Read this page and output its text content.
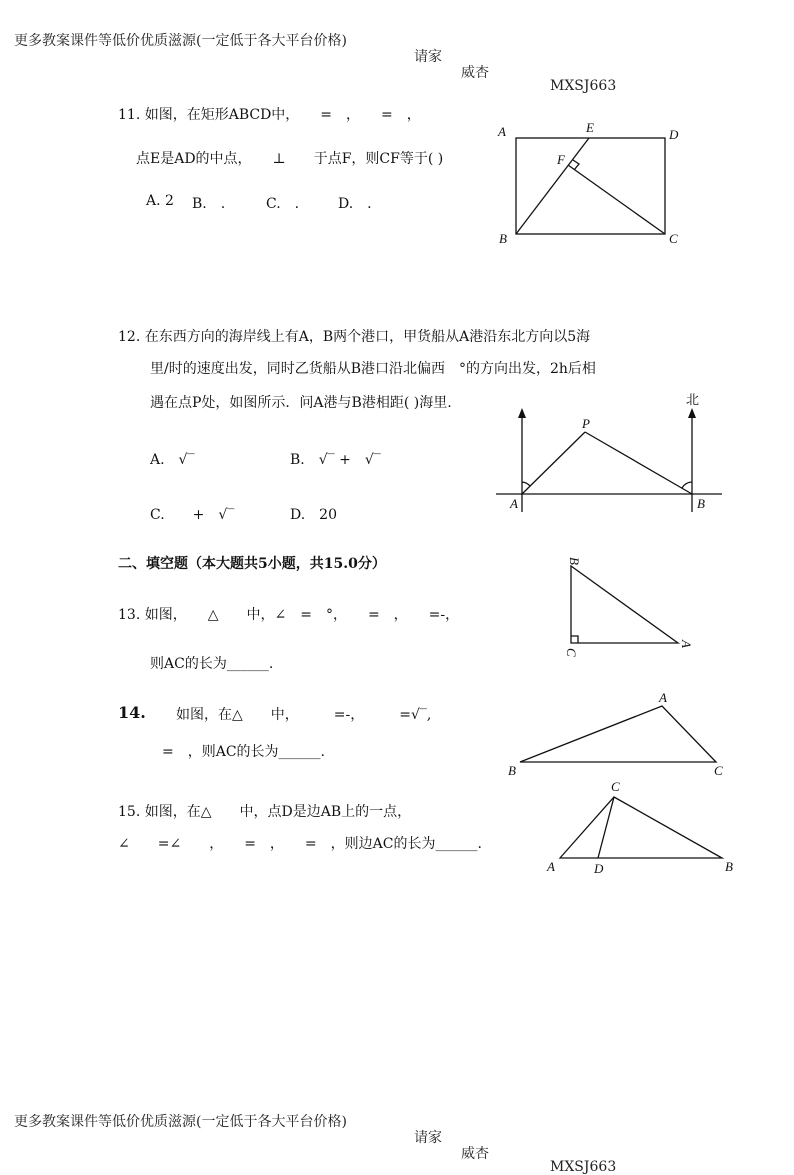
更多教案课件等低价优质滋源(一定低于各大平台价格)

请家

威杏

MXSJ663

11. 如图，在矩形ABCD中，　　=　，　　=　，
点E是AD的中点，　　⊥　　于点F，则CF等于( )
A. 2 B.　.	C.　.	D.　.
A	E	D
F
B	C
12. 在东西方向的海岸线上有A，B两个港口，甲货船从A港沿东北方向以5海
里/时的速度出发，同时乙货船从B港口沿北偏西　°的方向出发，2h后相
遇在点P处，如图所示．问A港与B港相距( )海里.
A.　√‾	B.　√‾ +　√‾
C.　　+　√‾	D.　20
北
P
A	B
二、填空题（本大题共5小题，共15.0分）
13. 如图，　　△　　中，∠　=　°，　　=　，　　=-，
则AC的长为______.
B
C
A
14. 如图，在△　　中，　　　=-，　　　=√‾,
=　，则AC的长为______.
A
B	C
15. 如图，在△　　中，点D是边AB上的一点，
∠　　=∠　　，　　=　，　　=　，则边AC的长为______.
C
A	D	B

更多教案课件等低价优质滋源(一定低于各大平台价格)

请家

威杏

MXSJ663
